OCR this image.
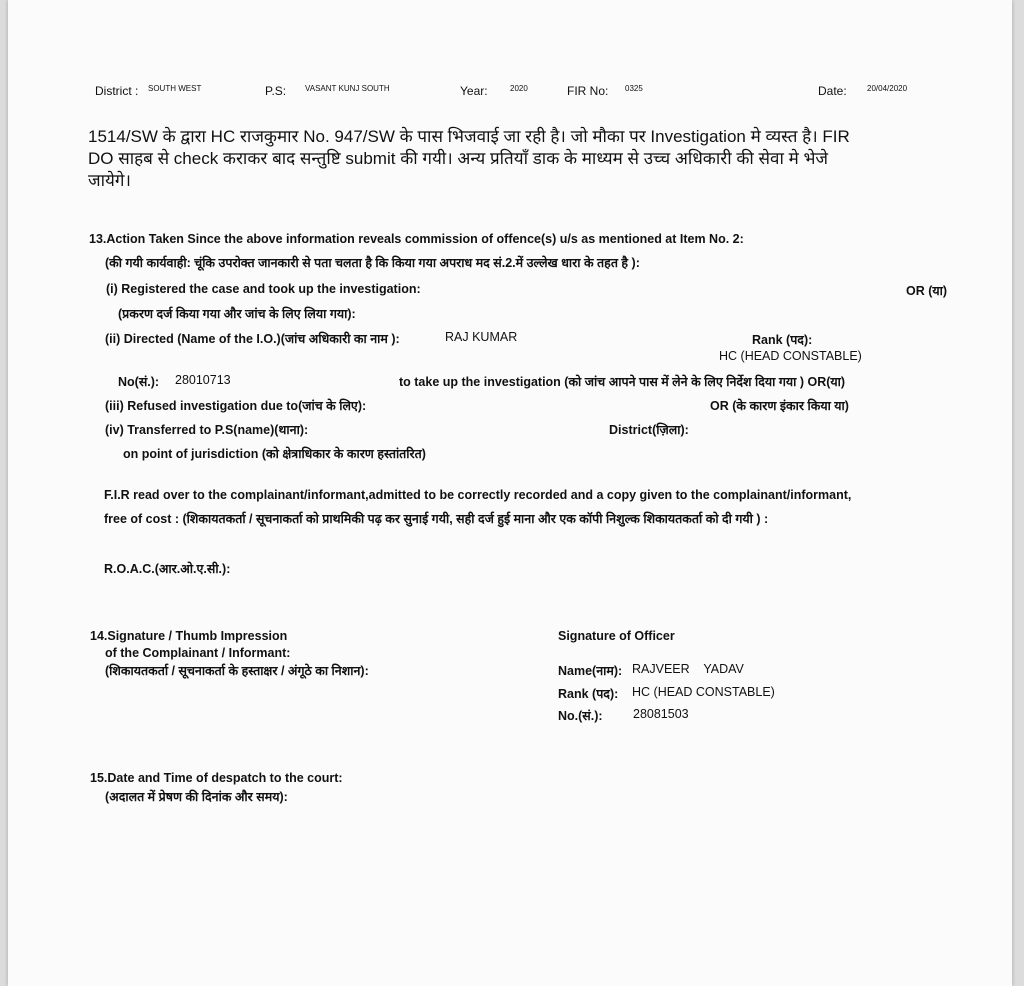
District : SOUTH WEST	P.S: VASANT KUNJ SOUTH	Year:	2020	FIR No: 0325	Date:	20/04/2020
1514/SW के द्वारा HC राजकुमार No. 947/SW के पास भिजवाई जा रही है। जो मौका पर Investigation मे व्यस्त है। FIR
DO साहब से check कराकर बाद सन्तुष्टि submit की गयी। अन्य प्रतियाँ डाक के माध्यम से उच्च अधिकारी की सेवा मे भेजे
जायेगे।
13.Action Taken Since the above information reveals commission of offence(s) u/s as mentioned at Item No. 2:
(की गयी कार्यवाही: चूंकि उपरोक्त जानकारी से पता चलता है कि किया गया अपराध मद सं.2.में उल्लेख धारा के तहत है ):
(i) Registered the case and took up the investigation:	OR (या)
(प्रकरण दर्ज किया गया और जांच के लिए लिया गया):
(ii) Directed (Name of the I.O.)(जांच अधिकारी का नाम ):	RAJ KUMAR	Rank (पद):
HC (HEAD CONSTABLE)
No(सं.): 28010713	to take up the investigation (को जांच आपने पास में लेने के लिए निर्देश दिया गया ) OR(या)
(iii) Refused investigation due to(जांच के लिए):	OR (के कारण इंकार किया या)
(iv) Transferred to P.S(name)(थाना):	District(ज़िला):
on point of jurisdiction (को क्षेत्राधिकार के कारण हस्तांतरित)
F.I.R read over to the complainant/informant,admitted to be correctly recorded and a copy given to the complainant/informant,
free of cost : (शिकायतकर्ता / सूचनाकर्ता को प्राथमिकी पढ़ कर सुनाई गयी, सही दर्ज हुई माना और एक कॉपी निशुल्क शिकायतकर्ता को दी गयी ) :
R.O.A.C.(आर.ओ.ए.सी.):
14.Signature / Thumb Impression
of the Complainant / Informant:
(शिकायतकर्ता / सूचनाकर्ता के हस्ताक्षर / अंगूठे का निशान):
Signature of Officer
Name(नाम): RAJVEER    YADAV
Rank (पद): HC (HEAD CONSTABLE)
No.(सं.): 28081503
15.Date and Time of despatch to the court:
(अदालत में प्रेषण की दिनांक और समय):
